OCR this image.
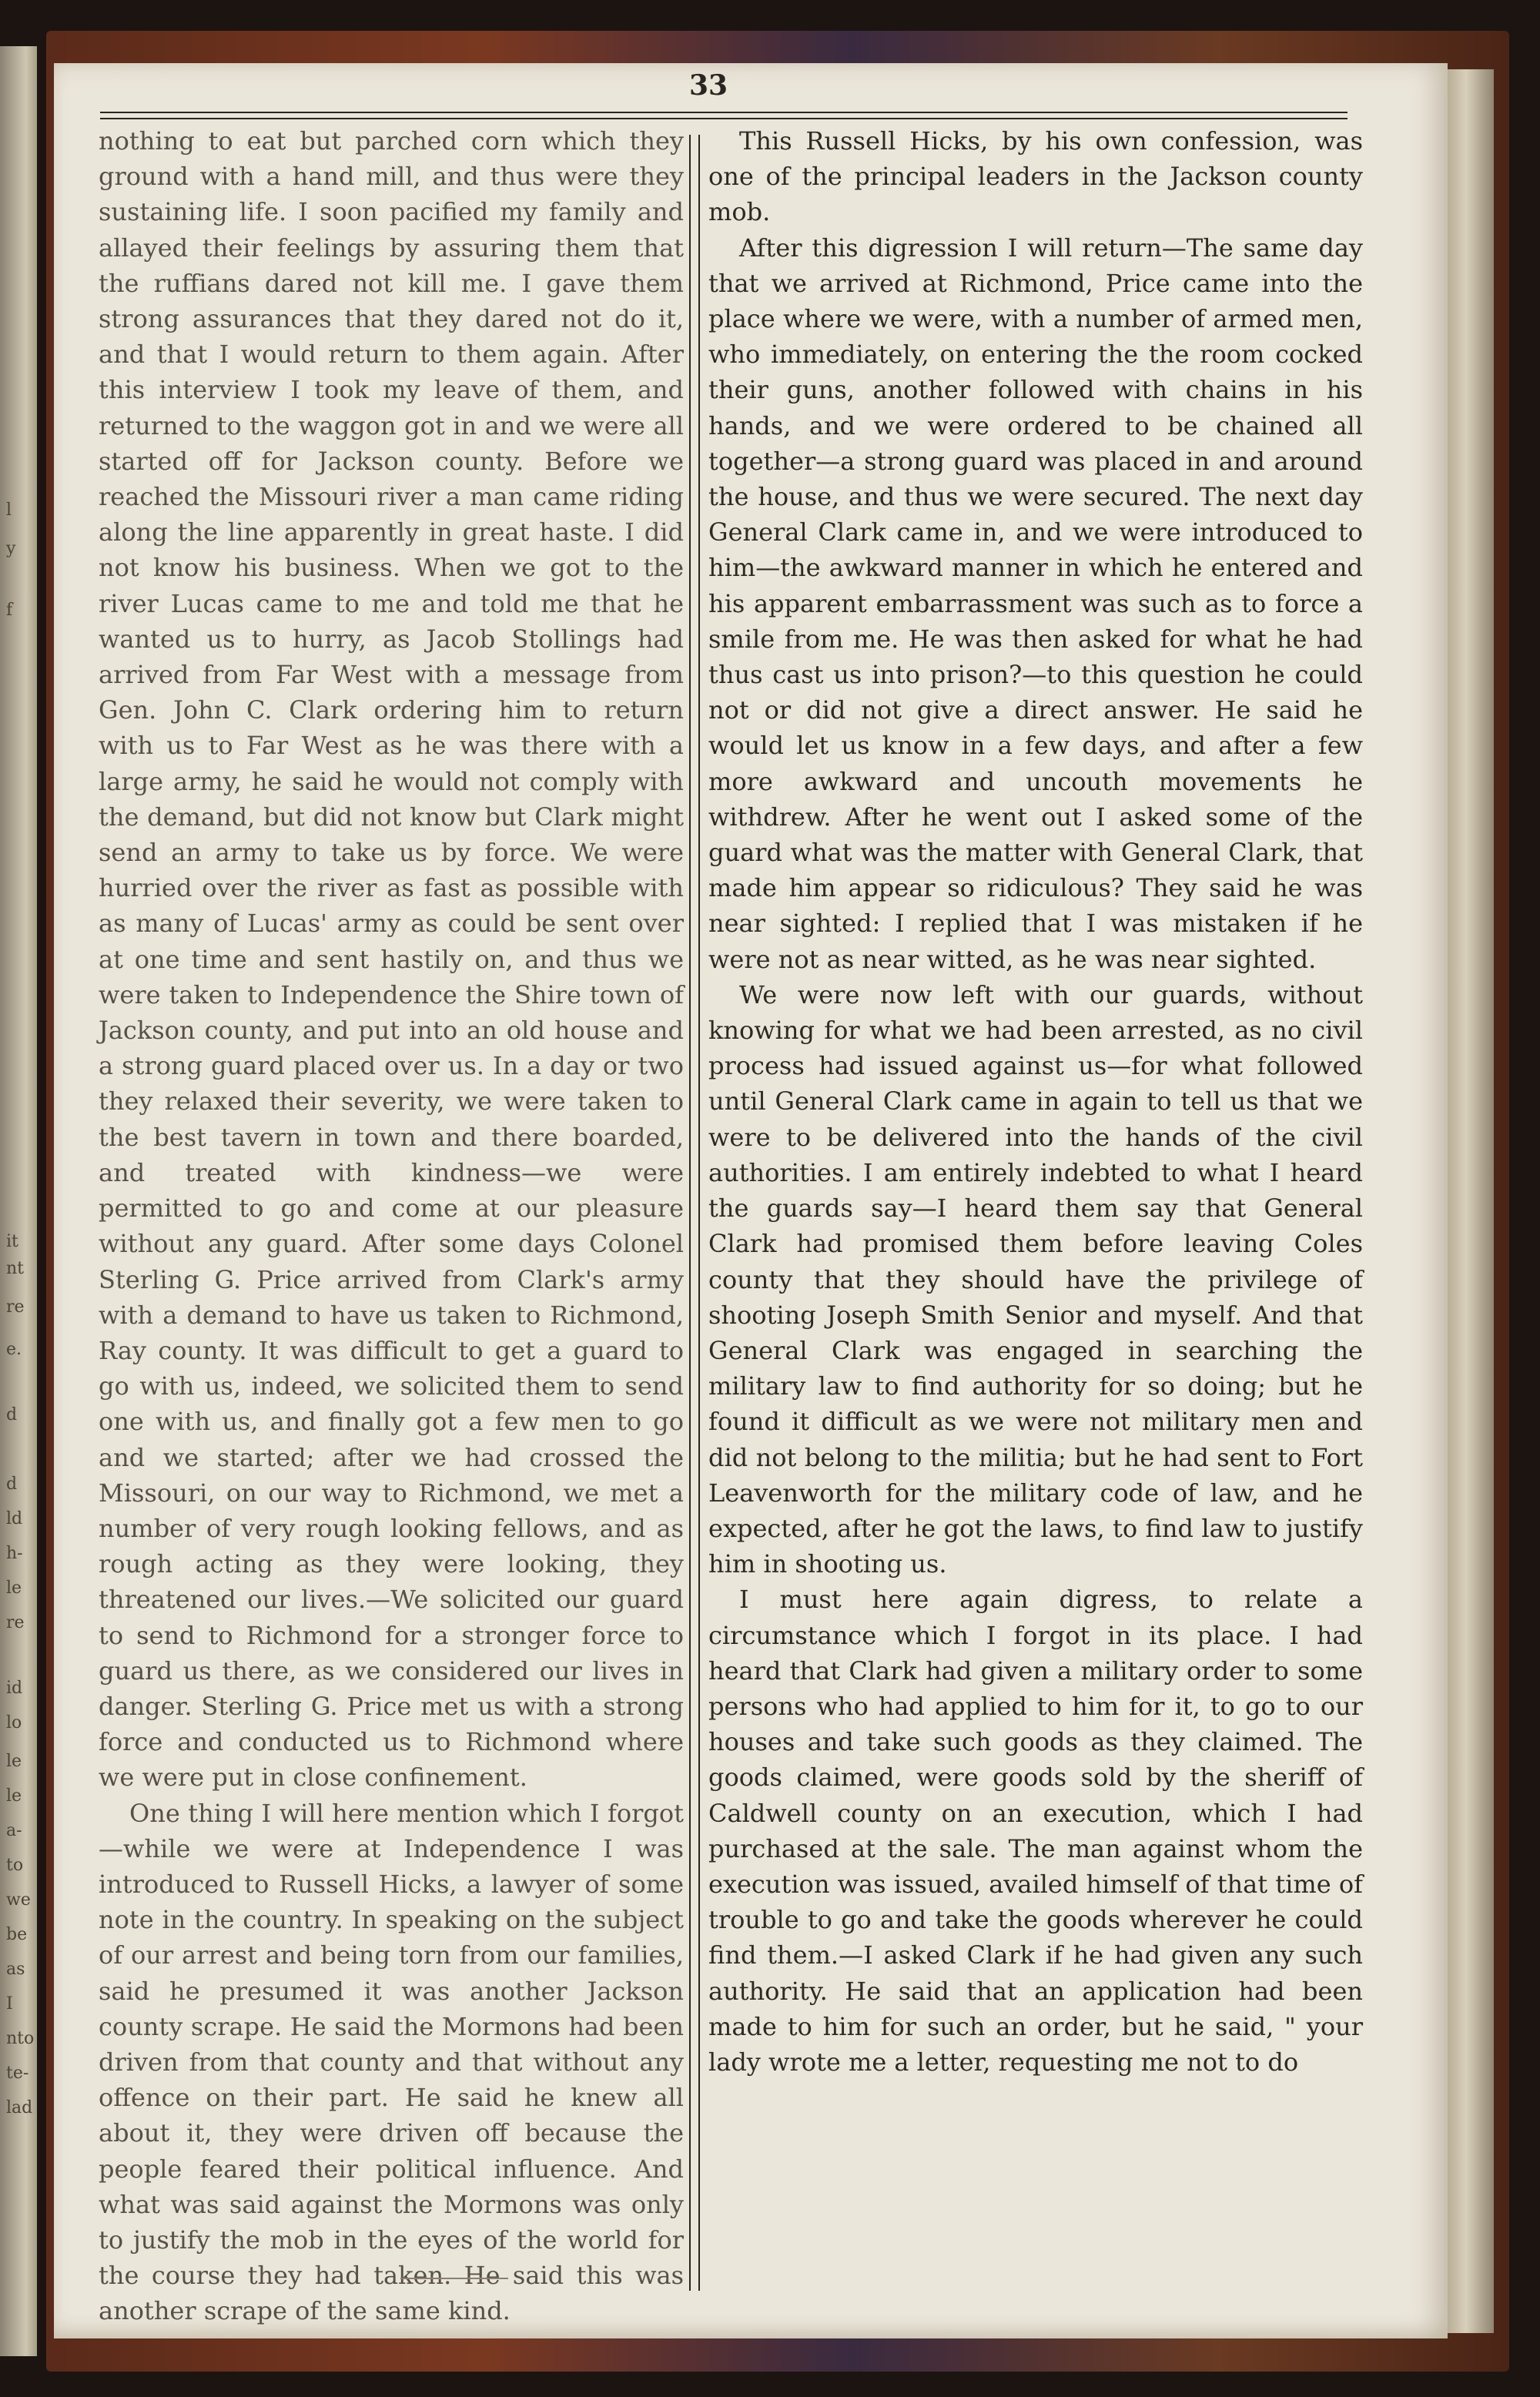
l
y
f
it
nt
re
e.
d
d
ld
h-
le
re
id
lo
le
le
a-
to
we
be
as
I
nto
te-
lad
33

nothing to eat but parched corn which they ground with a hand mill, and thus were they sustaining life. I soon pacified my family and allayed their feelings by assuring them that the ruffians dared not kill me. I gave them strong assurances that they dared not do it, and that I would return to them again. After this interview I took my leave of them, and returned to the waggon got in and we were all started off for Jackson county. Before we reached the Missouri river a man came riding along the line apparently in great haste. I did not know his business. When we got to the river Lucas came to me and told me that he wanted us to hurry, as Jacob Stollings had arrived from Far West with a message from Gen. John C. Clark ordering him to return with us to Far West as he was there with a large army, he said he would not comply with the demand, but did not know but Clark might send an army to take us by force. We were hurried over the river as fast as possible with as many of Lucas' army as could be sent over at one time and sent hastily on, and thus we were taken to Independence the Shire town of Jackson county, and put into an old house and a strong guard placed over us. In a day or two they relaxed their severity, we were taken to the best tavern in town and there boarded, and treated with kindness—we were permitted to go and come at our pleasure without any guard. After some days Colonel Sterling G. Price arrived from Clark's army with a demand to have us taken to Richmond, Ray county. It was difficult to get a guard to go with us, indeed, we solicited them to send one with us, and finally got a few men to go and we started; after we had crossed the Missouri, on our way to Richmond, we met a number of very rough looking fellows, and as rough acting as they were looking, they threatened our lives.—We solicited our guard to send to Richmond for a stronger force to guard us there, as we considered our lives in danger. Sterling G. Price met us with a strong force and conducted us to Richmond where we were put in close confinement.

One thing I will here mention which I forgot —while we were at Independence I was introduced to Russell Hicks, a lawyer of some note in the country. In speaking on the subject of our arrest and being torn from our families, said he presumed it was another Jackson county scrape. He said the Mormons had been driven from that county and that without any offence on their part. He said he knew all about it, they were driven off because the people feared their political influence. And what was said against the Mormons was only to justify the mob in the eyes of the world for the course they had taken. He said this was another scrape of the same kind.

This Russell Hicks, by his own confession, was one of the principal leaders in the Jackson county mob.

After this digression I will return—The same day that we arrived at Richmond, Price came into the place where we were, with a number of armed men, who immediately, on entering the the room cocked their guns, another followed with chains in his hands, and we were ordered to be chained all together—a strong guard was placed in and around the house, and thus we were secured. The next day General Clark came in, and we were introduced to him—the awkward manner in which he entered and his apparent embarrassment was such as to force a smile from me. He was then asked for what he had thus cast us into prison?—to this question he could not or did not give a direct answer. He said he would let us know in a few days, and after a few more awkward and uncouth movements he withdrew. After he went out I asked some of the guard what was the matter with General Clark, that made him appear so ridiculous? They said he was near sighted: I replied that I was mistaken if he were not as near witted, as he was near sighted.

We were now left with our guards, without knowing for what we had been arrested, as no civil process had issued against us—for what followed until General Clark came in again to tell us that we were to be delivered into the hands of the civil authorities. I am entirely indebted to what I heard the guards say—I heard them say that General Clark had promised them before leaving Coles county that they should have the privilege of shooting Joseph Smith Senior and myself. And that General Clark was engaged in searching the military law to find authority for so doing; but he found it difficult as we were not military men and did not belong to the militia; but he had sent to Fort Leavenworth for the military code of law, and he expected, after he got the laws, to find law to justify him in shooting us.

I must here again digress, to relate a circumstance which I forgot in its place. I had heard that Clark had given a military order to some persons who had applied to him for it, to go to our houses and take such goods as they claimed. The goods claimed, were goods sold by the sheriff of Caldwell county on an execution, which I had purchased at the sale. The man against whom the execution was issued, availed himself of that time of trouble to go and take the goods wherever he could find them.—I asked Clark if he had given any such authority. He said that an application had been made to him for such an order, but he said, " your lady wrote me a letter, requesting me not to do
